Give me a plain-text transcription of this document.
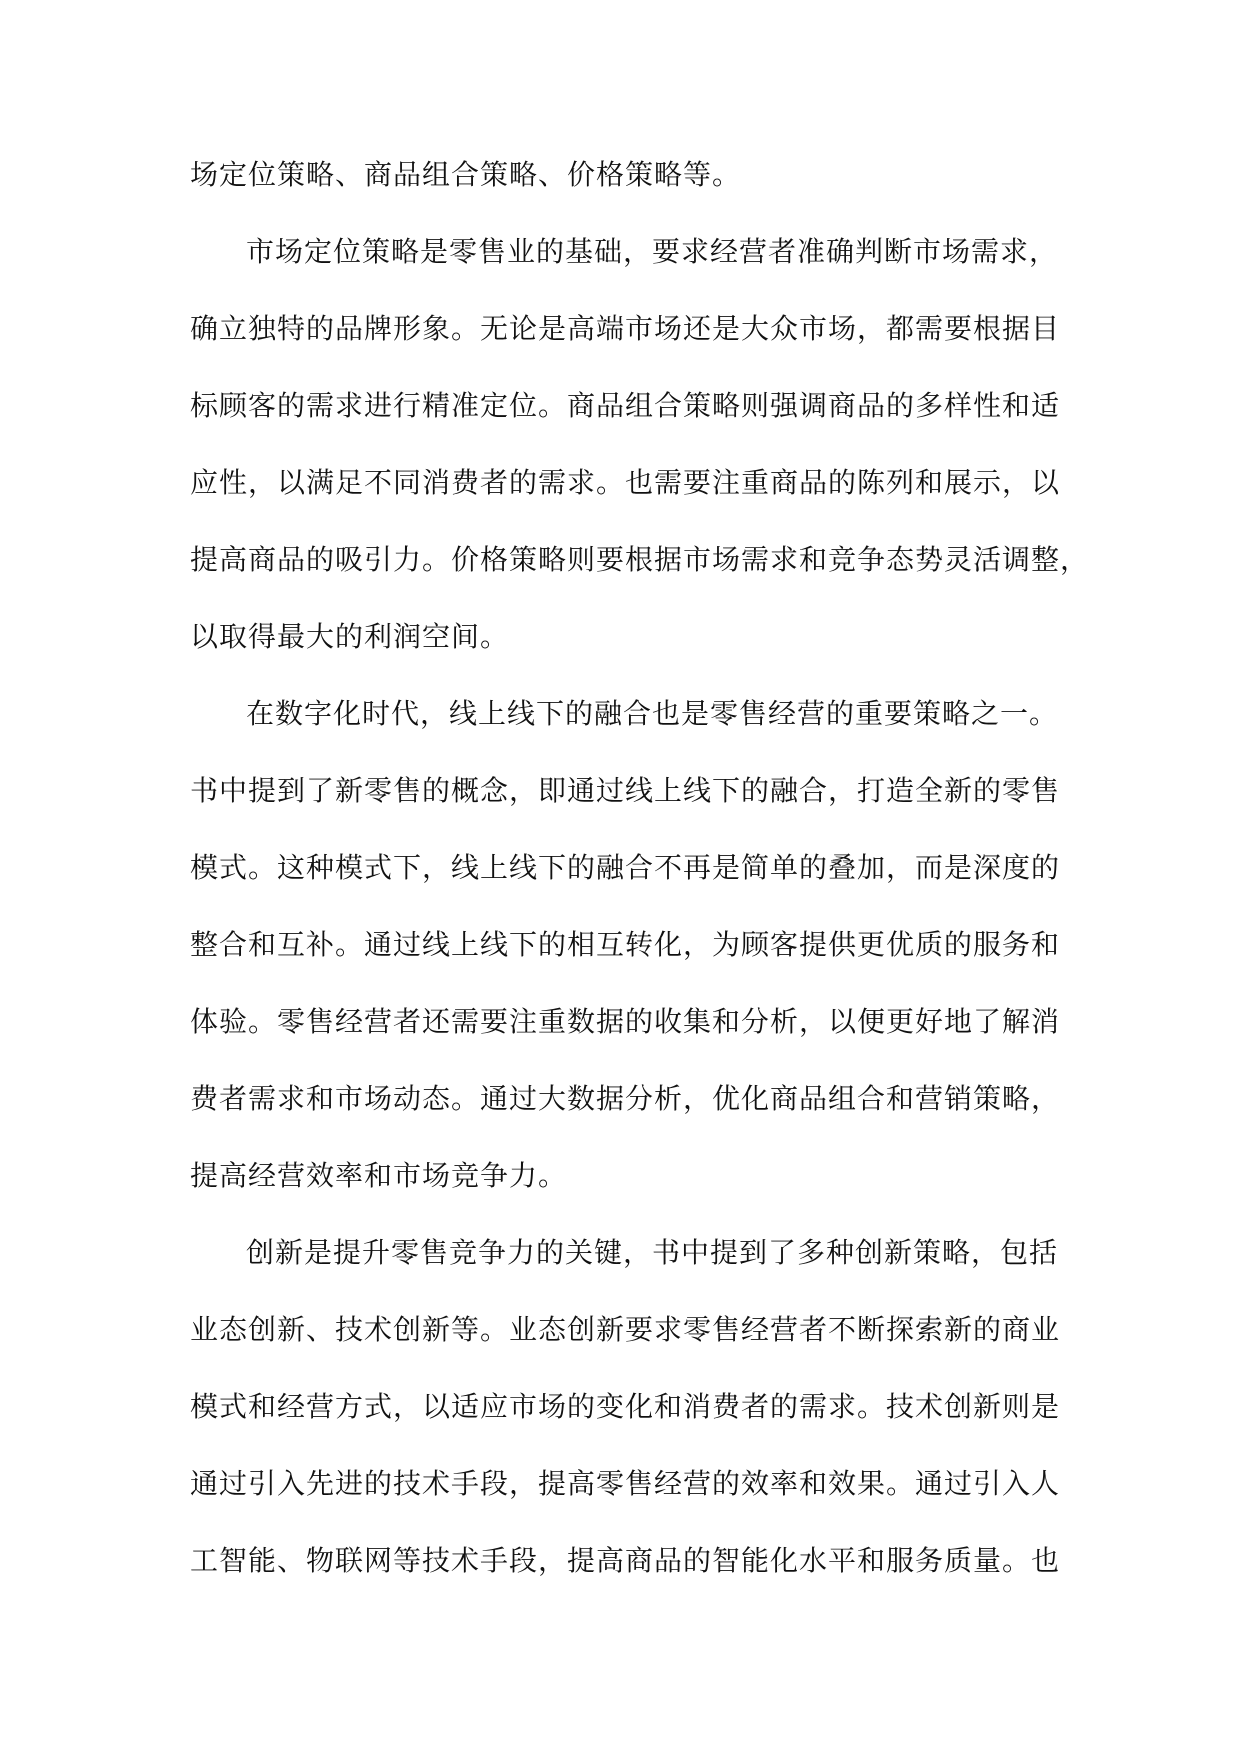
场定位策略、商品组合策略、价格策略等。
市场定位策略是零售业的基础，要求经营者准确判断市场需求，
确立独特的品牌形象。无论是高端市场还是大众市场，都需要根据目
标顾客的需求进行精准定位。商品组合策略则强调商品的多样性和适
应性，以满足不同消费者的需求。也需要注重商品的陈列和展示，以
提高商品的吸引力。价格策略则要根据市场需求和竞争态势灵活调整，
以取得最大的利润空间。
在数字化时代，线上线下的融合也是零售经营的重要策略之一。
书中提到了新零售的概念，即通过线上线下的融合，打造全新的零售
模式。这种模式下，线上线下的融合不再是简单的叠加，而是深度的
整合和互补。通过线上线下的相互转化，为顾客提供更优质的服务和
体验。零售经营者还需要注重数据的收集和分析，以便更好地了解消
费者需求和市场动态。通过大数据分析，优化商品组合和营销策略，
提高经营效率和市场竞争力。
创新是提升零售竞争力的关键，书中提到了多种创新策略，包括
业态创新、技术创新等。业态创新要求零售经营者不断探索新的商业
模式和经营方式，以适应市场的变化和消费者的需求。技术创新则是
通过引入先进的技术手段，提高零售经营的效率和效果。通过引入人
工智能、物联网等技术手段，提高商品的智能化水平和服务质量。也
